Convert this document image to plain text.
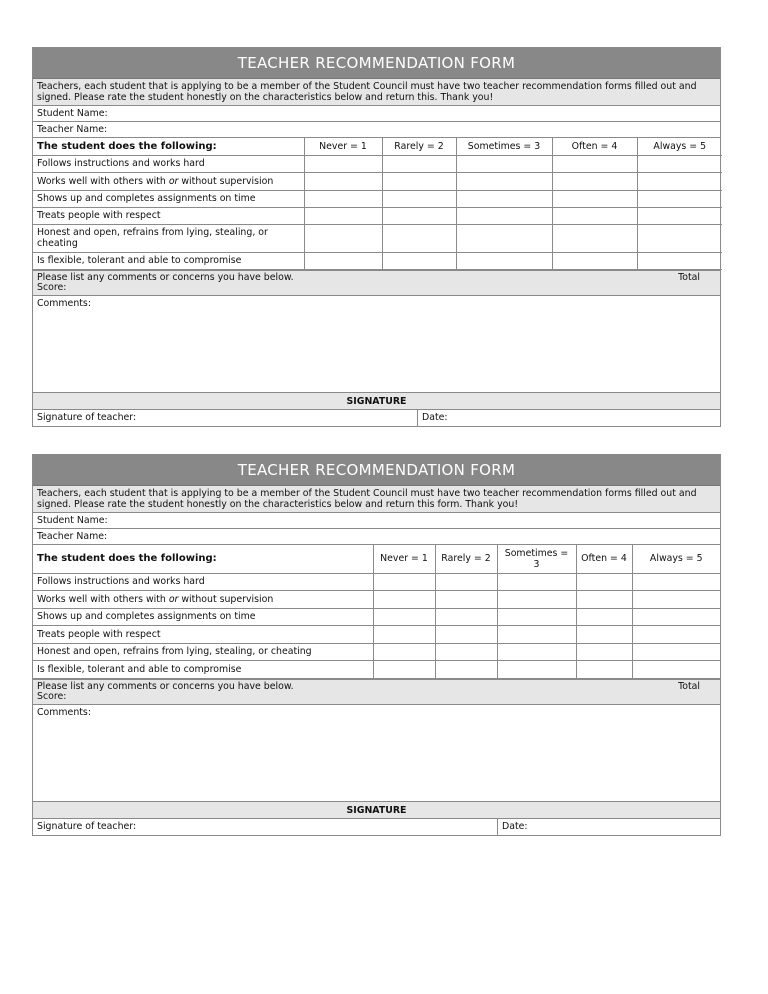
TEACHER RECOMMENDATION FORM
Teachers, each student that is applying to be a member of the Student Council must have two teacher recommendation forms filled out and signed. Please rate the student honestly on the characteristics below and return this. Thank you!
Student Name:
Teacher Name:
The student does the following:	Never = 1	Rarely = 2	Sometimes = 3	Often = 4	Always = 5
Follows instructions and works hard					
Works well with others with or without supervision					
Shows up and completes assignments on time					
Treats people with respect					
Honest and open, refrains from lying, stealing, or cheating					
Is flexible, tolerant and able to compromise					
Please list any comments or concerns you have below.
Score:
Total
Comments:
SIGNATURE
Signature of teacher:	Date:
TEACHER RECOMMENDATION FORM
Teachers, each student that is applying to be a member of the Student Council must have two teacher recommendation forms filled out and signed. Please rate the student honestly on the characteristics below and return this form. Thank you!
Student Name:
Teacher Name:
The student does the following:	Never = 1	Rarely = 2	Sometimes = 3	Often = 4	Always = 5
Follows instructions and works hard					
Works well with others with or without supervision					
Shows up and completes assignments on time					
Treats people with respect					
Honest and open, refrains from lying, stealing, or cheating					
Is flexible, tolerant and able to compromise					
Please list any comments or concerns you have below.
Score:
Total
Comments:
SIGNATURE
Signature of teacher:	Date:
